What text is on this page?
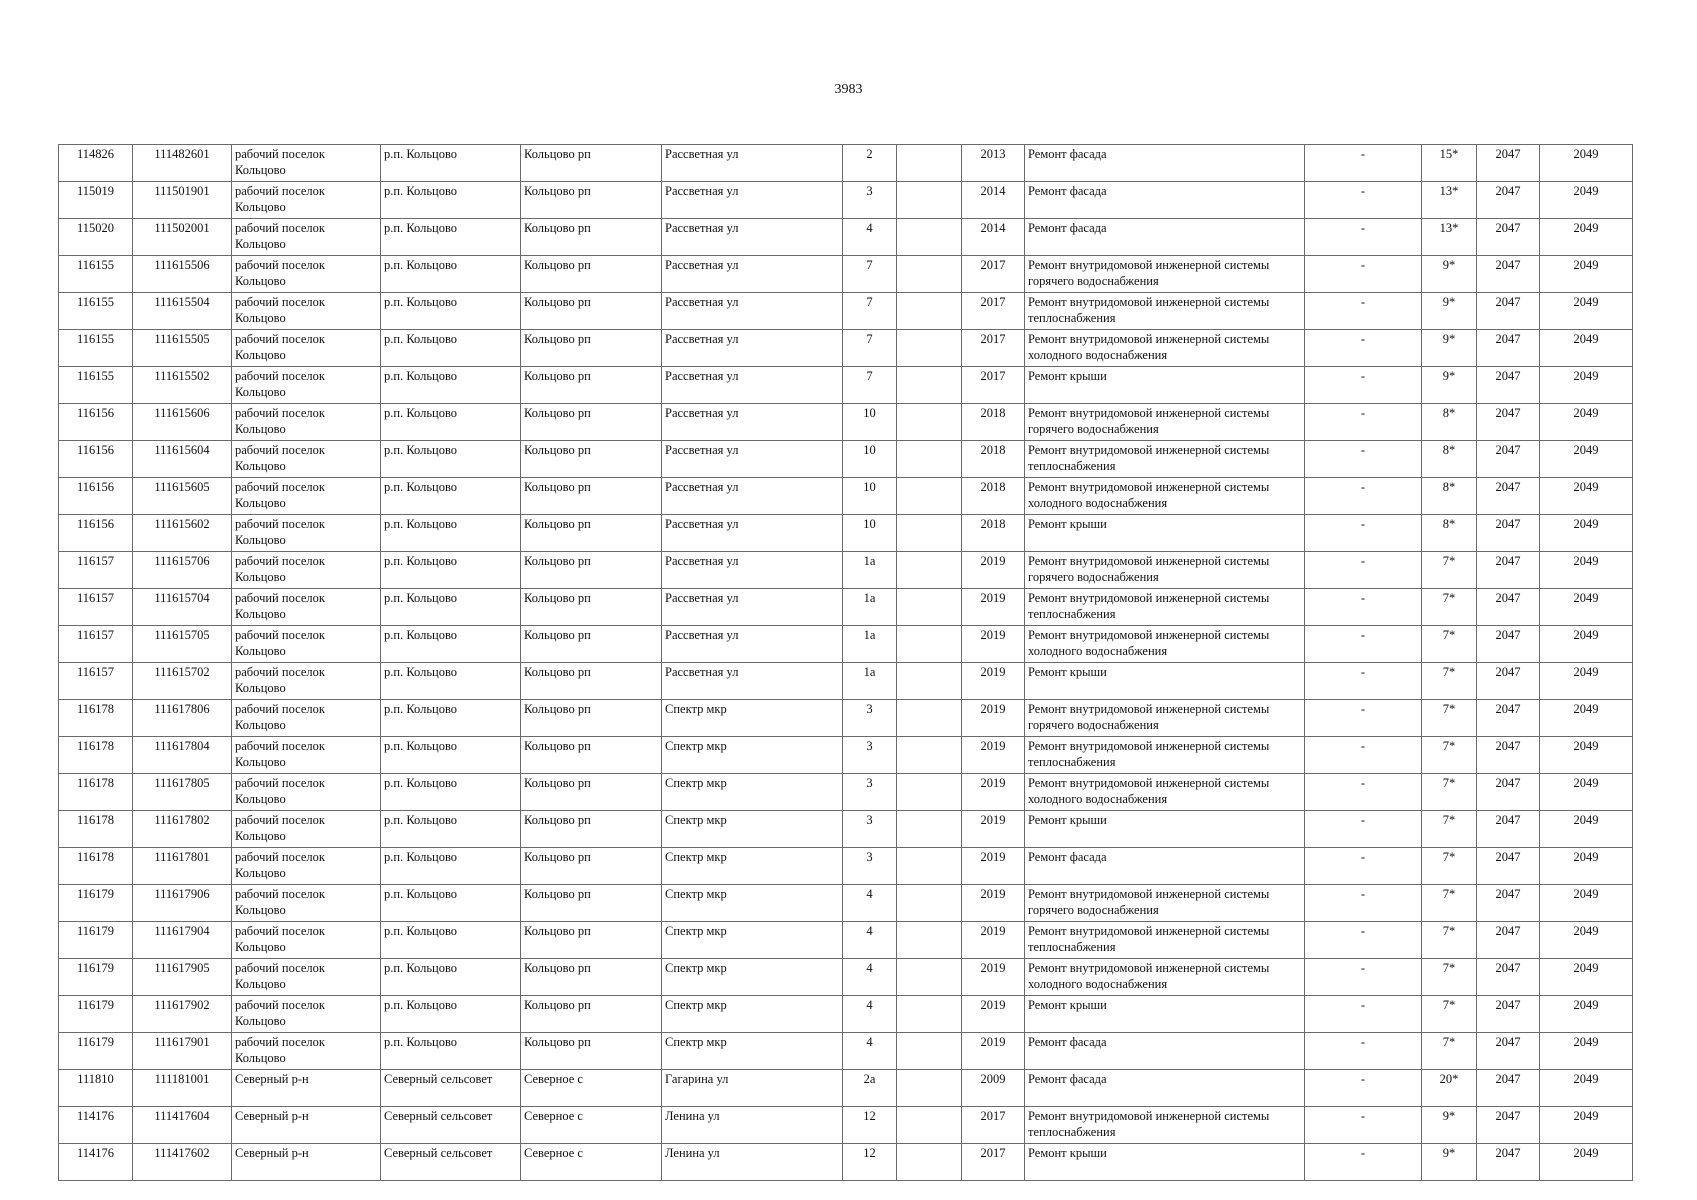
3983
114826	111482601	рабочий поселок Кольцово	р.п. Кольцово	Кольцово рп	Рассветная ул	2		2013	Ремонт фасада	-	15*	2047	2049
115019	111501901	рабочий поселок Кольцово	р.п. Кольцово	Кольцово рп	Рассветная ул	3		2014	Ремонт фасада	-	13*	2047	2049
115020	111502001	рабочий поселок Кольцово	р.п. Кольцово	Кольцово рп	Рассветная ул	4		2014	Ремонт фасада	-	13*	2047	2049
116155	111615506	рабочий поселок Кольцово	р.п. Кольцово	Кольцово рп	Рассветная ул	7		2017	Ремонт внутридомовой инженерной системы горячего водоснабжения	-	9*	2047	2049
116155	111615504	рабочий поселок Кольцово	р.п. Кольцово	Кольцово рп	Рассветная ул	7		2017	Ремонт внутридомовой инженерной системы теплоснабжения	-	9*	2047	2049
116155	111615505	рабочий поселок Кольцово	р.п. Кольцово	Кольцово рп	Рассветная ул	7		2017	Ремонт внутридомовой инженерной системы холодного водоснабжения	-	9*	2047	2049
116155	111615502	рабочий поселок Кольцово	р.п. Кольцово	Кольцово рп	Рассветная ул	7		2017	Ремонт крыши	-	9*	2047	2049
116156	111615606	рабочий поселок Кольцово	р.п. Кольцово	Кольцово рп	Рассветная ул	10		2018	Ремонт внутридомовой инженерной системы горячего водоснабжения	-	8*	2047	2049
116156	111615604	рабочий поселок Кольцово	р.п. Кольцово	Кольцово рп	Рассветная ул	10		2018	Ремонт внутридомовой инженерной системы теплоснабжения	-	8*	2047	2049
116156	111615605	рабочий поселок Кольцово	р.п. Кольцово	Кольцово рп	Рассветная ул	10		2018	Ремонт внутридомовой инженерной системы холодного водоснабжения	-	8*	2047	2049
116156	111615602	рабочий поселок Кольцово	р.п. Кольцово	Кольцово рп	Рассветная ул	10		2018	Ремонт крыши	-	8*	2047	2049
116157	111615706	рабочий поселок Кольцово	р.п. Кольцово	Кольцово рп	Рассветная ул	1а		2019	Ремонт внутридомовой инженерной системы горячего водоснабжения	-	7*	2047	2049
116157	111615704	рабочий поселок Кольцово	р.п. Кольцово	Кольцово рп	Рассветная ул	1а		2019	Ремонт внутридомовой инженерной системы теплоснабжения	-	7*	2047	2049
116157	111615705	рабочий поселок Кольцово	р.п. Кольцово	Кольцово рп	Рассветная ул	1а		2019	Ремонт внутридомовой инженерной системы холодного водоснабжения	-	7*	2047	2049
116157	111615702	рабочий поселок Кольцово	р.п. Кольцово	Кольцово рп	Рассветная ул	1а		2019	Ремонт крыши	-	7*	2047	2049
116178	111617806	рабочий поселок Кольцово	р.п. Кольцово	Кольцово рп	Спектр мкр	3		2019	Ремонт внутридомовой инженерной системы горячего водоснабжения	-	7*	2047	2049
116178	111617804	рабочий поселок Кольцово	р.п. Кольцово	Кольцово рп	Спектр мкр	3		2019	Ремонт внутридомовой инженерной системы теплоснабжения	-	7*	2047	2049
116178	111617805	рабочий поселок Кольцово	р.п. Кольцово	Кольцово рп	Спектр мкр	3		2019	Ремонт внутридомовой инженерной системы холодного водоснабжения	-	7*	2047	2049
116178	111617802	рабочий поселок Кольцово	р.п. Кольцово	Кольцово рп	Спектр мкр	3		2019	Ремонт крыши	-	7*	2047	2049
116178	111617801	рабочий поселок Кольцово	р.п. Кольцово	Кольцово рп	Спектр мкр	3		2019	Ремонт фасада	-	7*	2047	2049
116179	111617906	рабочий поселок Кольцово	р.п. Кольцово	Кольцово рп	Спектр мкр	4		2019	Ремонт внутридомовой инженерной системы горячего водоснабжения	-	7*	2047	2049
116179	111617904	рабочий поселок Кольцово	р.п. Кольцово	Кольцово рп	Спектр мкр	4		2019	Ремонт внутридомовой инженерной системы теплоснабжения	-	7*	2047	2049
116179	111617905	рабочий поселок Кольцово	р.п. Кольцово	Кольцово рп	Спектр мкр	4		2019	Ремонт внутридомовой инженерной системы холодного водоснабжения	-	7*	2047	2049
116179	111617902	рабочий поселок Кольцово	р.п. Кольцово	Кольцово рп	Спектр мкр	4		2019	Ремонт крыши	-	7*	2047	2049
116179	111617901	рабочий поселок Кольцово	р.п. Кольцово	Кольцово рп	Спектр мкр	4		2019	Ремонт фасада	-	7*	2047	2049
111810	111181001	Северный р-н	Северный сельсовет	Северное с	Гагарина ул	2а		2009	Ремонт фасада	-	20*	2047	2049
114176	111417604	Северный р-н	Северный сельсовет	Северное с	Ленина ул	12		2017	Ремонт внутридомовой инженерной системы теплоснабжения	-	9*	2047	2049
114176	111417602	Северный р-н	Северный сельсовет	Северное с	Ленина ул	12		2017	Ремонт крыши	-	9*	2047	2049
